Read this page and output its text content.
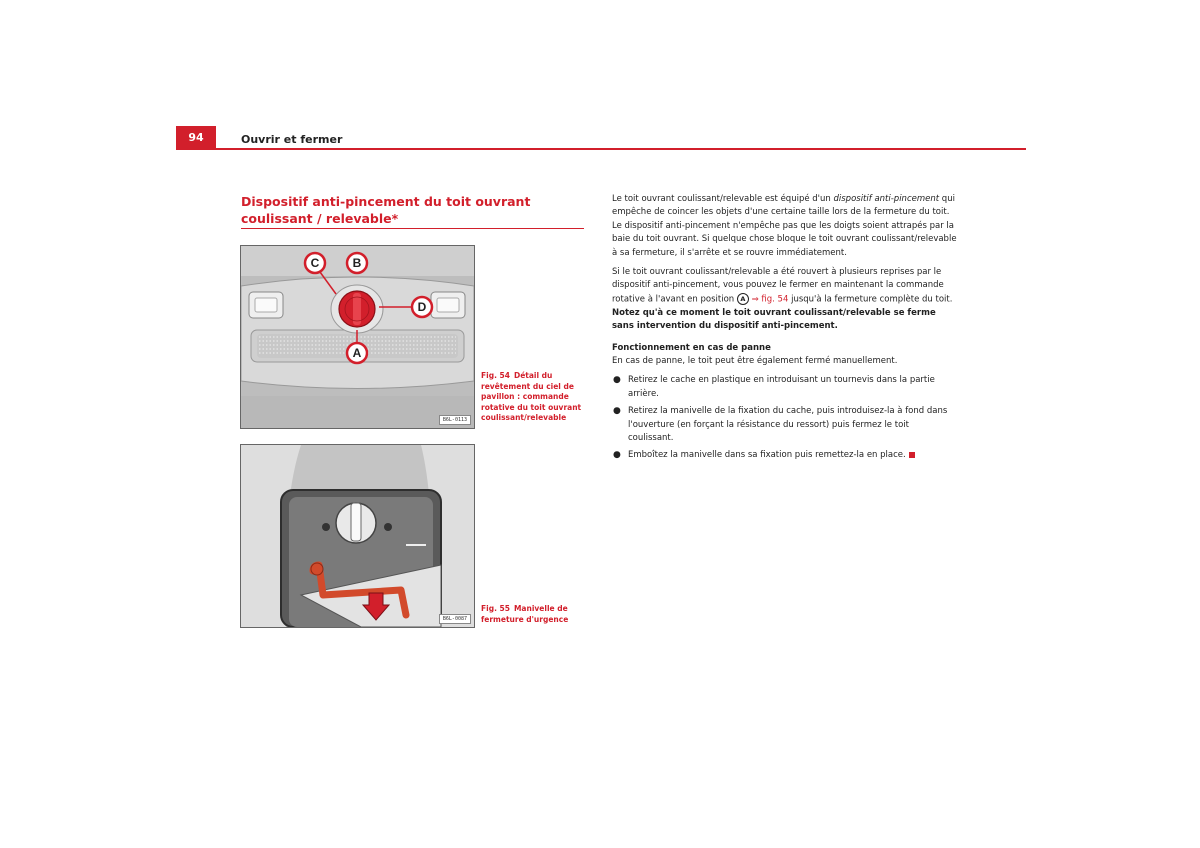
94	Ouvrir et fermer
Dispositif anti-pincement du toit ouvrant coulissant / relevable*
C	B
D
A
B6L-0113
Fig. 54 Détail du revêtement du ciel de pavillon : commande rotative du toit ouvrant coulissant/relevable
B6L-0087
Fig. 55 Manivelle de fermeture d'urgence

Le toit ouvrant coulissant/relevable est équipé d'un dispositif anti-pincement qui empêche de coincer les objets d'une certaine taille lors de la fermeture du toit. Le dispositif anti-pincement n'empêche pas que les doigts soient attrapés par la baie du toit ouvrant. Si quelque chose bloque le toit ouvrant coulissant/relevable à sa fermeture, il s'arrête et se rouvre immédiatement.

Si le toit ouvrant coulissant/relevable a été rouvert à plusieurs reprises par le dispositif anti-pincement, vous pouvez le fermer en maintenant la commande rotative à l'avant en position A ⇒ fig. 54 jusqu'à la fermeture complète du toit. Notez qu'à ce moment le toit ouvrant coulissant/relevable se ferme sans intervention du dispositif anti-pincement.

Fonctionnement en cas de panne

En cas de panne, le toit peut être également fermé manuellement.

● Retirez le cache en plastique en introduisant un tournevis dans la partie arrière.
● Retirez la manivelle de la fixation du cache, puis introduisez-la à fond dans l'ouverture (en forçant la résistance du ressort) puis fermez le toit coulissant.
● Emboîtez la manivelle dans sa fixation puis remettez-la en place.
